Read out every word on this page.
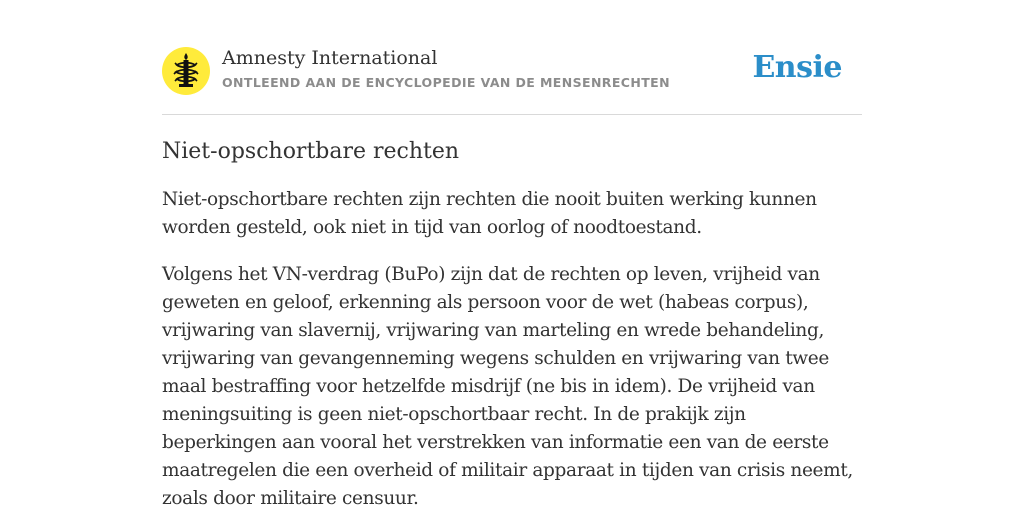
Amnesty International
ONTLEEND AAN DE ENCYCLOPEDIE VAN DE MENSENRECHTEN	Ensie
Niet-opschortbare rechten

Niet-opschortbare rechten zijn rechten die nooit buiten werking kunnen worden gesteld, ook niet in tijd van oorlog of noodtoestand.

Volgens het VN-verdrag (BuPo) zijn dat de rechten op leven, vrijheid van geweten en geloof, erkenning als persoon voor de wet (habeas corpus), vrijwaring van slavernij, vrijwaring van marteling en wrede behandeling, vrijwaring van gevangenneming wegens schulden en vrijwaring van twee maal bestraffing voor hetzelfde misdrijf (ne bis in idem). De vrijheid van meningsuiting is geen niet-opschortbaar recht. In de prakijk zijn beperkingen aan vooral het verstrekken van informatie een van de eerste maatregelen die een overheid of militair apparaat in tijden van crisis neemt, zoals door militaire censuur.
